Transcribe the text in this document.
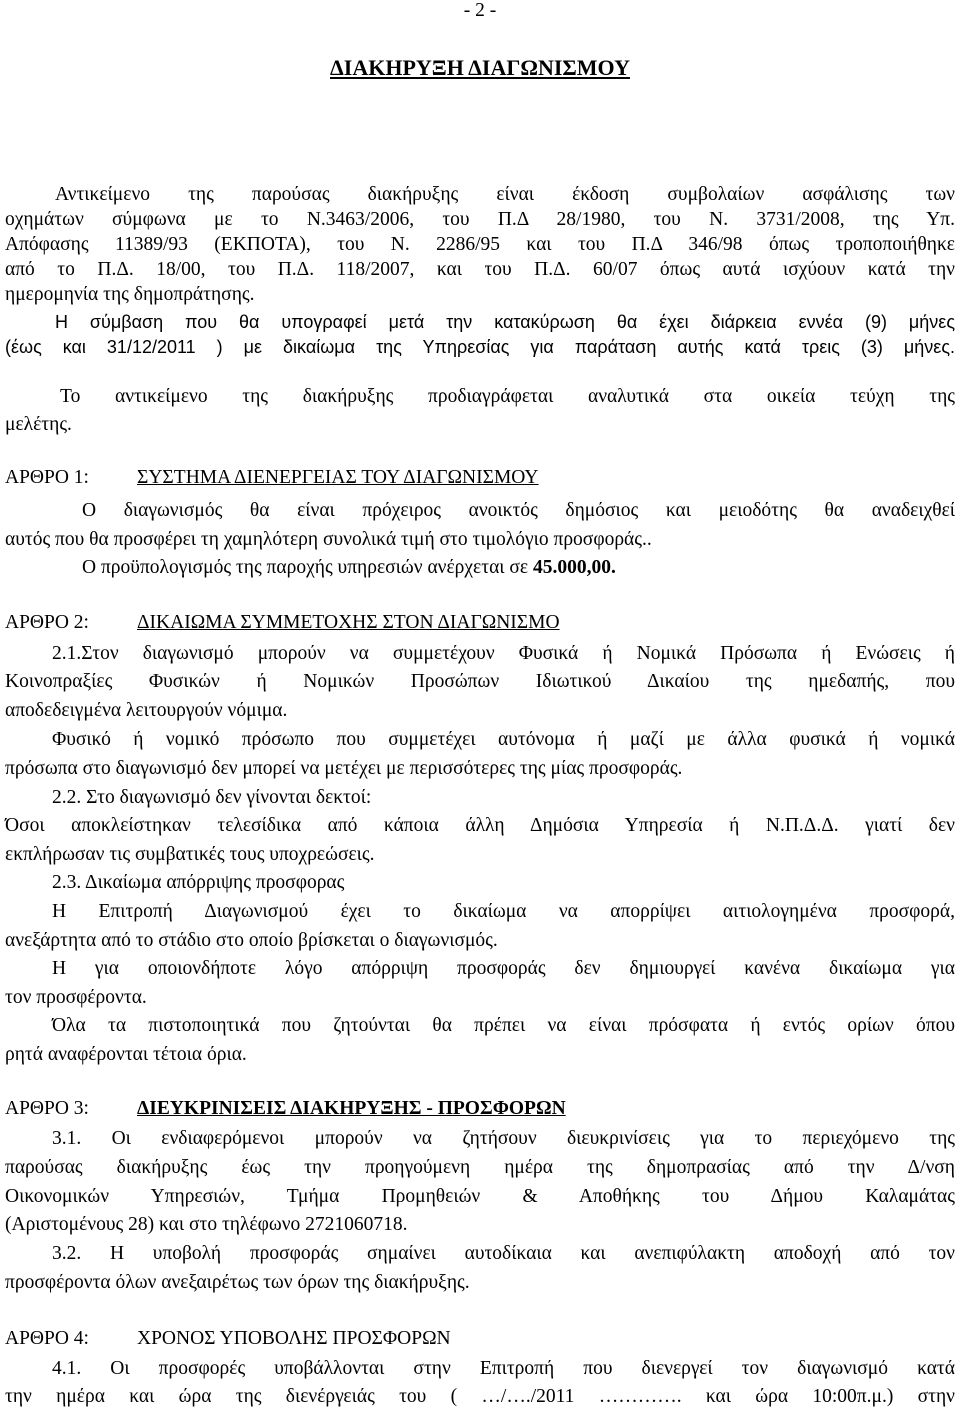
- 2 -
ΔΙΑΚΗΡΥΞΗ ΔΙΑΓΩΝΙΣΜΟΥ
Αντικείμενο της παρούσας διακήρυξης είναι έκδοση συμβολαίων ασφάλισης των
οχημάτων σύμφωνα με το Ν.3463/2006, του Π.Δ 28/1980, του Ν. 3731/2008, της Υπ.
Απόφασης 11389/93 (ΕΚΠΟΤΑ), του Ν. 2286/95 και του Π.Δ 346/98 όπως τροποποιήθηκε
από το Π.Δ. 18/00, του Π.Δ. 118/2007, και του Π.Δ. 60/07 όπως αυτά ισχύουν κατά την
ημερομηνία της δημοπράτησης.
Η σύμβαση που θα υπογραφεί μετά την κατακύρωση θα έχει διάρκεια εννέα (9) μήνες
(έως και 31/12/2011 ) με δικαίωμα της Υπηρεσίας για παράταση αυτής κατά τρεις (3) μήνες.
Το αντικείμενο της διακήρυξης προδιαγράφεται αναλυτικά στα οικεία τεύχη της
μελέτης.
ΑΡΘΡΟ 1: ΣΥΣΤΗΜΑ ΔΙΕΝΕΡΓΕΙΑΣ ΤΟΥ ΔΙΑΓΩΝΙΣΜΟΥ
Ο διαγωνισμός θα είναι πρόχειρος ανοικτός δημόσιος και μειοδότης θα αναδειχθεί
αυτός που θα προσφέρει τη χαμηλότερη συνολικά τιμή στο τιμολόγιο προσφοράς..
Ο προϋπολογισμός της παροχής υπηρεσιών ανέρχεται σε 45.000,00.
ΑΡΘΡΟ 2: ΔΙΚΑΙΩΜΑ ΣΥΜΜΕΤΟΧΗΣ ΣΤΟΝ ΔΙΑΓΩΝΙΣΜΟ
2.1.Στον διαγωνισμό μπορούν να συμμετέχουν Φυσικά ή Νομικά Πρόσωπα ή Ενώσεις ή
Κοινοπραξίες Φυσικών ή Νομικών Προσώπων Ιδιωτικού Δικαίου της ημεδαπής, που
αποδεδειγμένα λειτουργούν νόμιμα.
Φυσικό ή νομικό πρόσωπο που συμμετέχει αυτόνομα ή μαζί με άλλα φυσικά ή νομικά
πρόσωπα στο διαγωνισμό δεν μπορεί να μετέχει με περισσότερες της μίας προσφοράς.
2.2. Στο διαγωνισμό δεν γίνονται δεκτοί:
Όσοι αποκλείστηκαν τελεσίδικα από κάποια άλλη Δημόσια Υπηρεσία ή Ν.Π.Δ.Δ. γιατί δεν
εκπλήρωσαν τις συμβατικές τους υποχρεώσεις.
2.3. Δικαίωμα απόρριψης προσφορας
Η Επιτροπή Διαγωνισμού έχει το δικαίωμα να απορρίψει αιτιολογημένα προσφορά,
ανεξάρτητα από το στάδιο στο οποίο βρίσκεται ο διαγωνισμός.
Η για οποιονδήποτε λόγο απόρριψη προσφοράς δεν δημιουργεί κανένα δικαίωμα για
τον προσφέροντα.
Όλα τα πιστοποιητικά που ζητούνται θα πρέπει να είναι πρόσφατα ή εντός ορίων όπου
ρητά αναφέρονται τέτοια όρια.
ΑΡΘΡΟ 3: ΔΙΕΥΚΡΙΝΙΣΕΙΣ ΔΙΑΚΗΡΥΞΗΣ - ΠΡΟΣΦΟΡΩΝ
3.1. Οι ενδιαφερόμενοι μπορούν να ζητήσουν διευκρινίσεις για το περιεχόμενο της
παρούσας διακήρυξης έως την προηγούμενη ημέρα της δημοπρασίας από την Δ/νση
Οικονομικών Υπηρεσιών, Τμήμα Προμηθειών & Αποθήκης του Δήμου Καλαμάτας
(Αριστομένους 28) και στο τηλέφωνο 2721060718.
3.2. Η υποβολή προσφοράς σημαίνει αυτοδίκαια και ανεπιφύλακτη αποδοχή από τον
προσφέροντα όλων ανεξαιρέτως των όρων της διακήρυξης.
ΑΡΘΡΟ 4: ΧΡΟΝΟΣ ΥΠΟΒΟΛΗΣ ΠΡΟΣΦΟΡΩΝ
4.1. Οι προσφορές υποβάλλονται στην Επιτροπή που διενεργεί τον διαγωνισμό κατά
την ημέρα και ώρα της διενέργειάς του ( …/…./2011 …………. και ώρα 10:00π.μ.) στην
